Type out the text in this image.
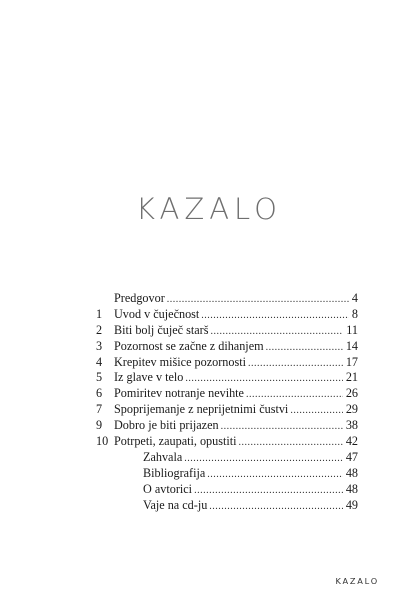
KAZALO
Predgovor .....	4
1 Uvod v čuječnost .....	8
2 Biti bolj čuječ starš .....	11
3 Pozornost se začne z dihanjem .....	14
4 Krepitev mišice pozornosti .....	17
5 Iz glave v telo .....	21
6 Pomiritev notranje nevihte .....	26
7 Spoprijemanje z neprijetnimi čustvi .....	29
9 Dobro je biti prijazen .....	38
10 Potrpeti, zaupati, opustiti .....	42
Zahvala .....	47
Bibliografija .....	48
O avtorici .....	48
Vaje na cd-ju .....	49
KAZALO
